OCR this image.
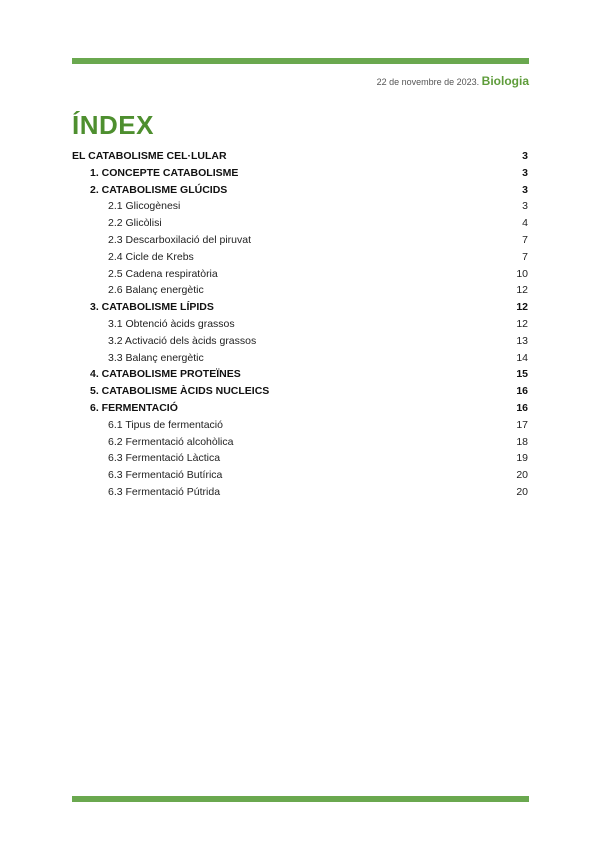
22 de novembre de 2023. Biologia
ÍNDEX
EL CATABOLISME CEL·LULAR	3
1. CONCEPTE CATABOLISME	3
2. CATABOLISME GLÚCIDS	3
2.1 Glicogènesi	3
2.2 Glicòlisi	4
2.3 Descarboxilació del piruvat	7
2.4 Cicle de Krebs	7
2.5 Cadena respiratòria	10
2.6 Balanç energètic	12
3. CATABOLISME LÍPIDS	12
3.1 Obtenció àcids grassos	12
3.2 Activació dels àcids grassos	13
3.3 Balanç energètic	14
4. CATABOLISME PROTEÏNES	15
5. CATABOLISME ÀCIDS NUCLEICS	16
6. FERMENTACIÓ	16
6.1 Tipus de fermentació	17
6.2 Fermentació alcohòlica	18
6.3 Fermentació Làctica	19
6.3 Fermentació Butírica	20
6.3 Fermentació Pútrida	20
